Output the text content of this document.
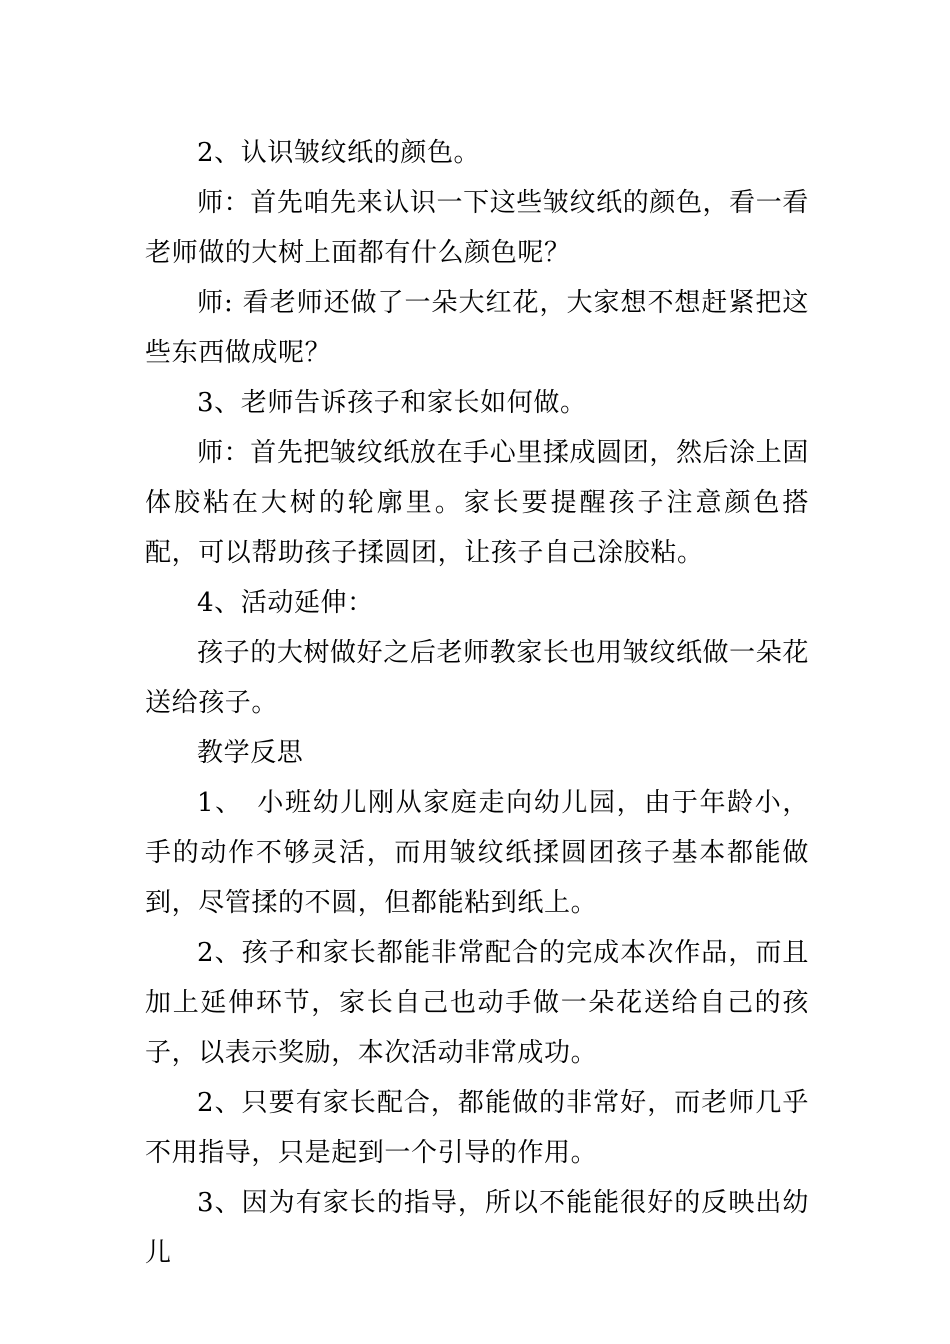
2、认识皱纹纸的颜色。

师：首先咱先来认识一下这些皱纹纸的颜色，看一看老师做的大树上面都有什么颜色呢？

师: 看老师还做了一朵大红花，大家想不想赶紧把这些东西做成呢？

3、老师告诉孩子和家长如何做。

师：首先把皱纹纸放在手心里揉成圆团，然后涂上固体胶粘在大树的轮廓里。家长要提醒孩子注意颜色搭配，可以帮助孩子揉圆团，让孩子自己涂胶粘。

4、活动延伸：

孩子的大树做好之后老师教家长也用皱纹纸做一朵花送给孩子。

教学反思

1、　小班幼儿刚从家庭走向幼儿园，由于年龄小，手的动作不够灵活，而用皱纹纸揉圆团孩子基本都能做到，尽管揉的不圆，但都能粘到纸上。

2、孩子和家长都能非常配合的完成本次作品，而且加上延伸环节，家长自己也动手做一朵花送给自己的孩子，以表示奖励，本次活动非常成功。

2、只要有家长配合，都能做的非常好，而老师几乎不用指导，只是起到一个引导的作用。

3、因为有家长的指导，所以不能能很好的反映出幼儿
